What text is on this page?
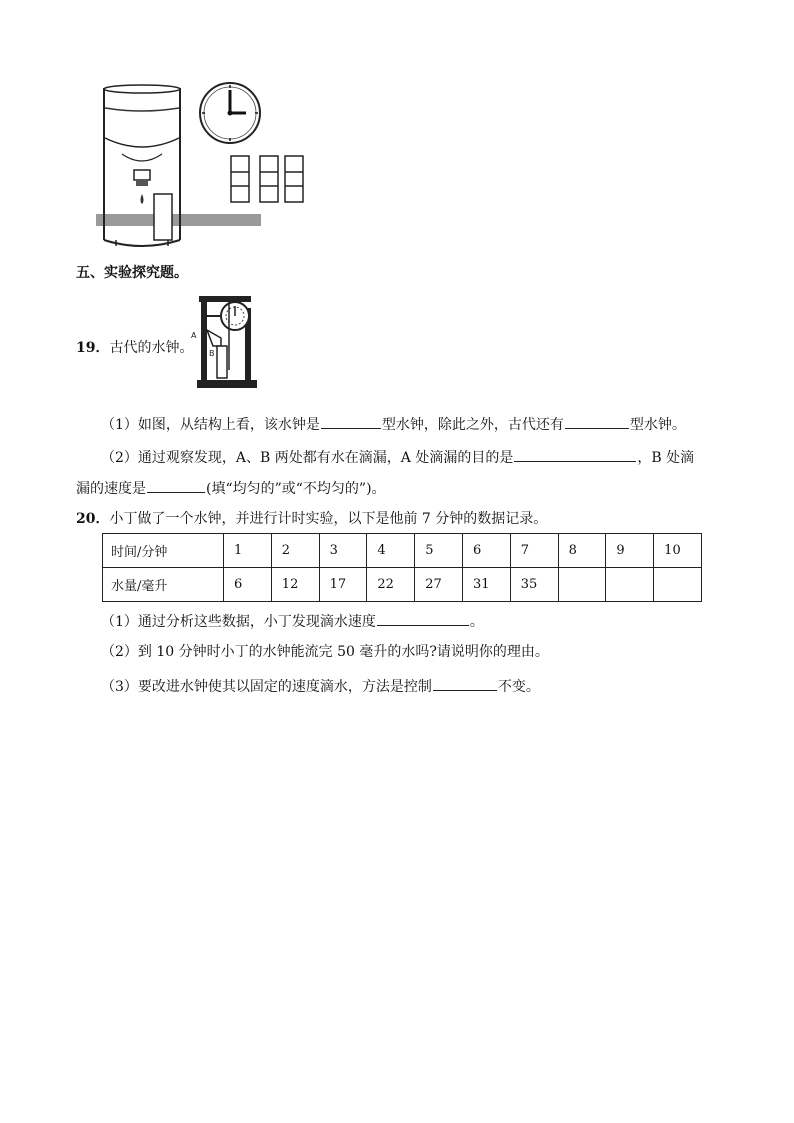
五、实验探究题。
19．古代的水钟。
A
B
（1）如图，从结构上看，该水钟是	型水钟，除此之外，古代还有	型水钟。
（2）通过观察发现，A、B 两处都有水在滴漏，A 处滴漏的目的是	，B 处滴
漏的速度是	(填“均匀的”或“不均匀的”)。
20．小丁做了一个水钟，并进行计时实验，以下是他前 7 分钟的数据记录。
时间/分钟	1	2	3	4	5	6	7	8	9	10
水量/毫升	6	12	17	22	27	31	35			
（1）通过分析这些数据，小丁发现滴水速度	。
（2）到 10 分钟时小丁的水钟能流完 50 毫升的水吗?请说明你的理由。
（3）要改进水钟使其以固定的速度滴水，方法是控制	不变。
